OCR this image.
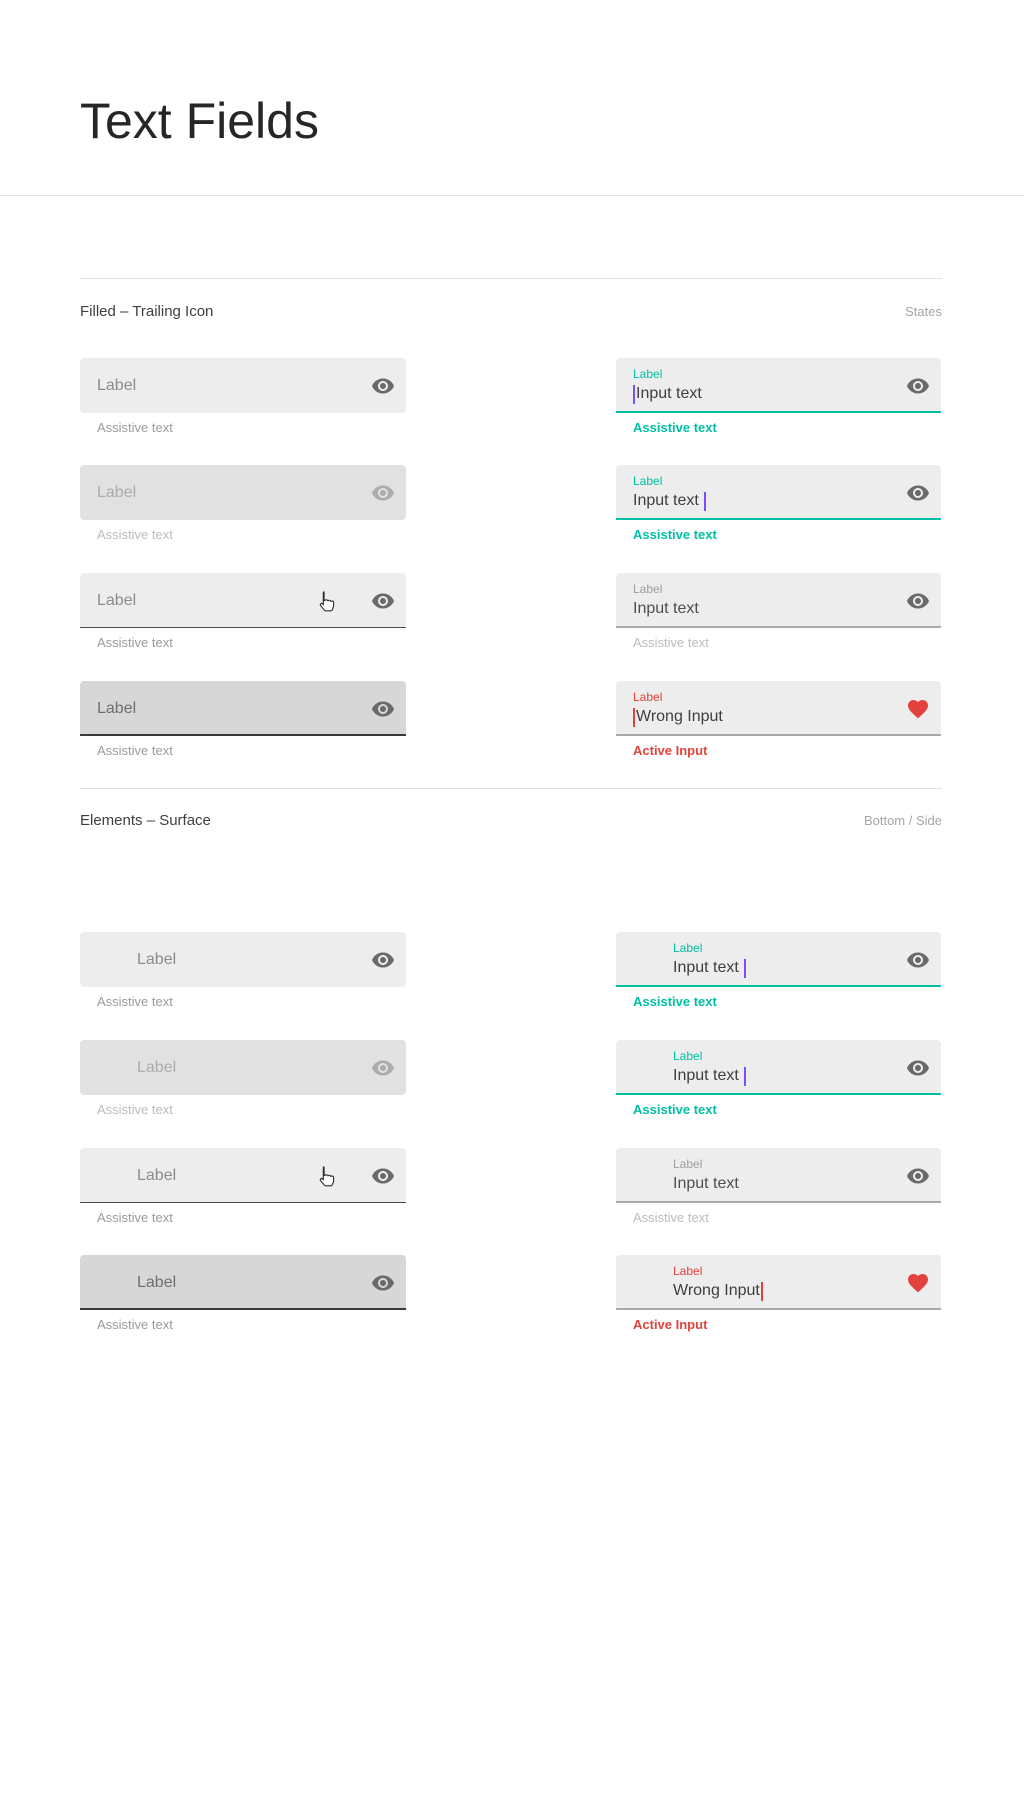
Text Fields
Filled – Trailing Icon	States
Label
Assistive text
Label
Input text
Assistive text
Label
Assistive text
Label
Input text
Assistive text
Label
Assistive text
Label
Input text
Assistive text
Label
Assistive text
Label
Wrong Input
Active Input
Elements – Surface	Bottom / Side
Label
Assistive text
Label
Input text
Assistive text
Label
Assistive text
Label
Input text
Assistive text
Label
Assistive text
Label
Input text
Assistive text
Label
Assistive text
Label
Wrong Input
Active Input
